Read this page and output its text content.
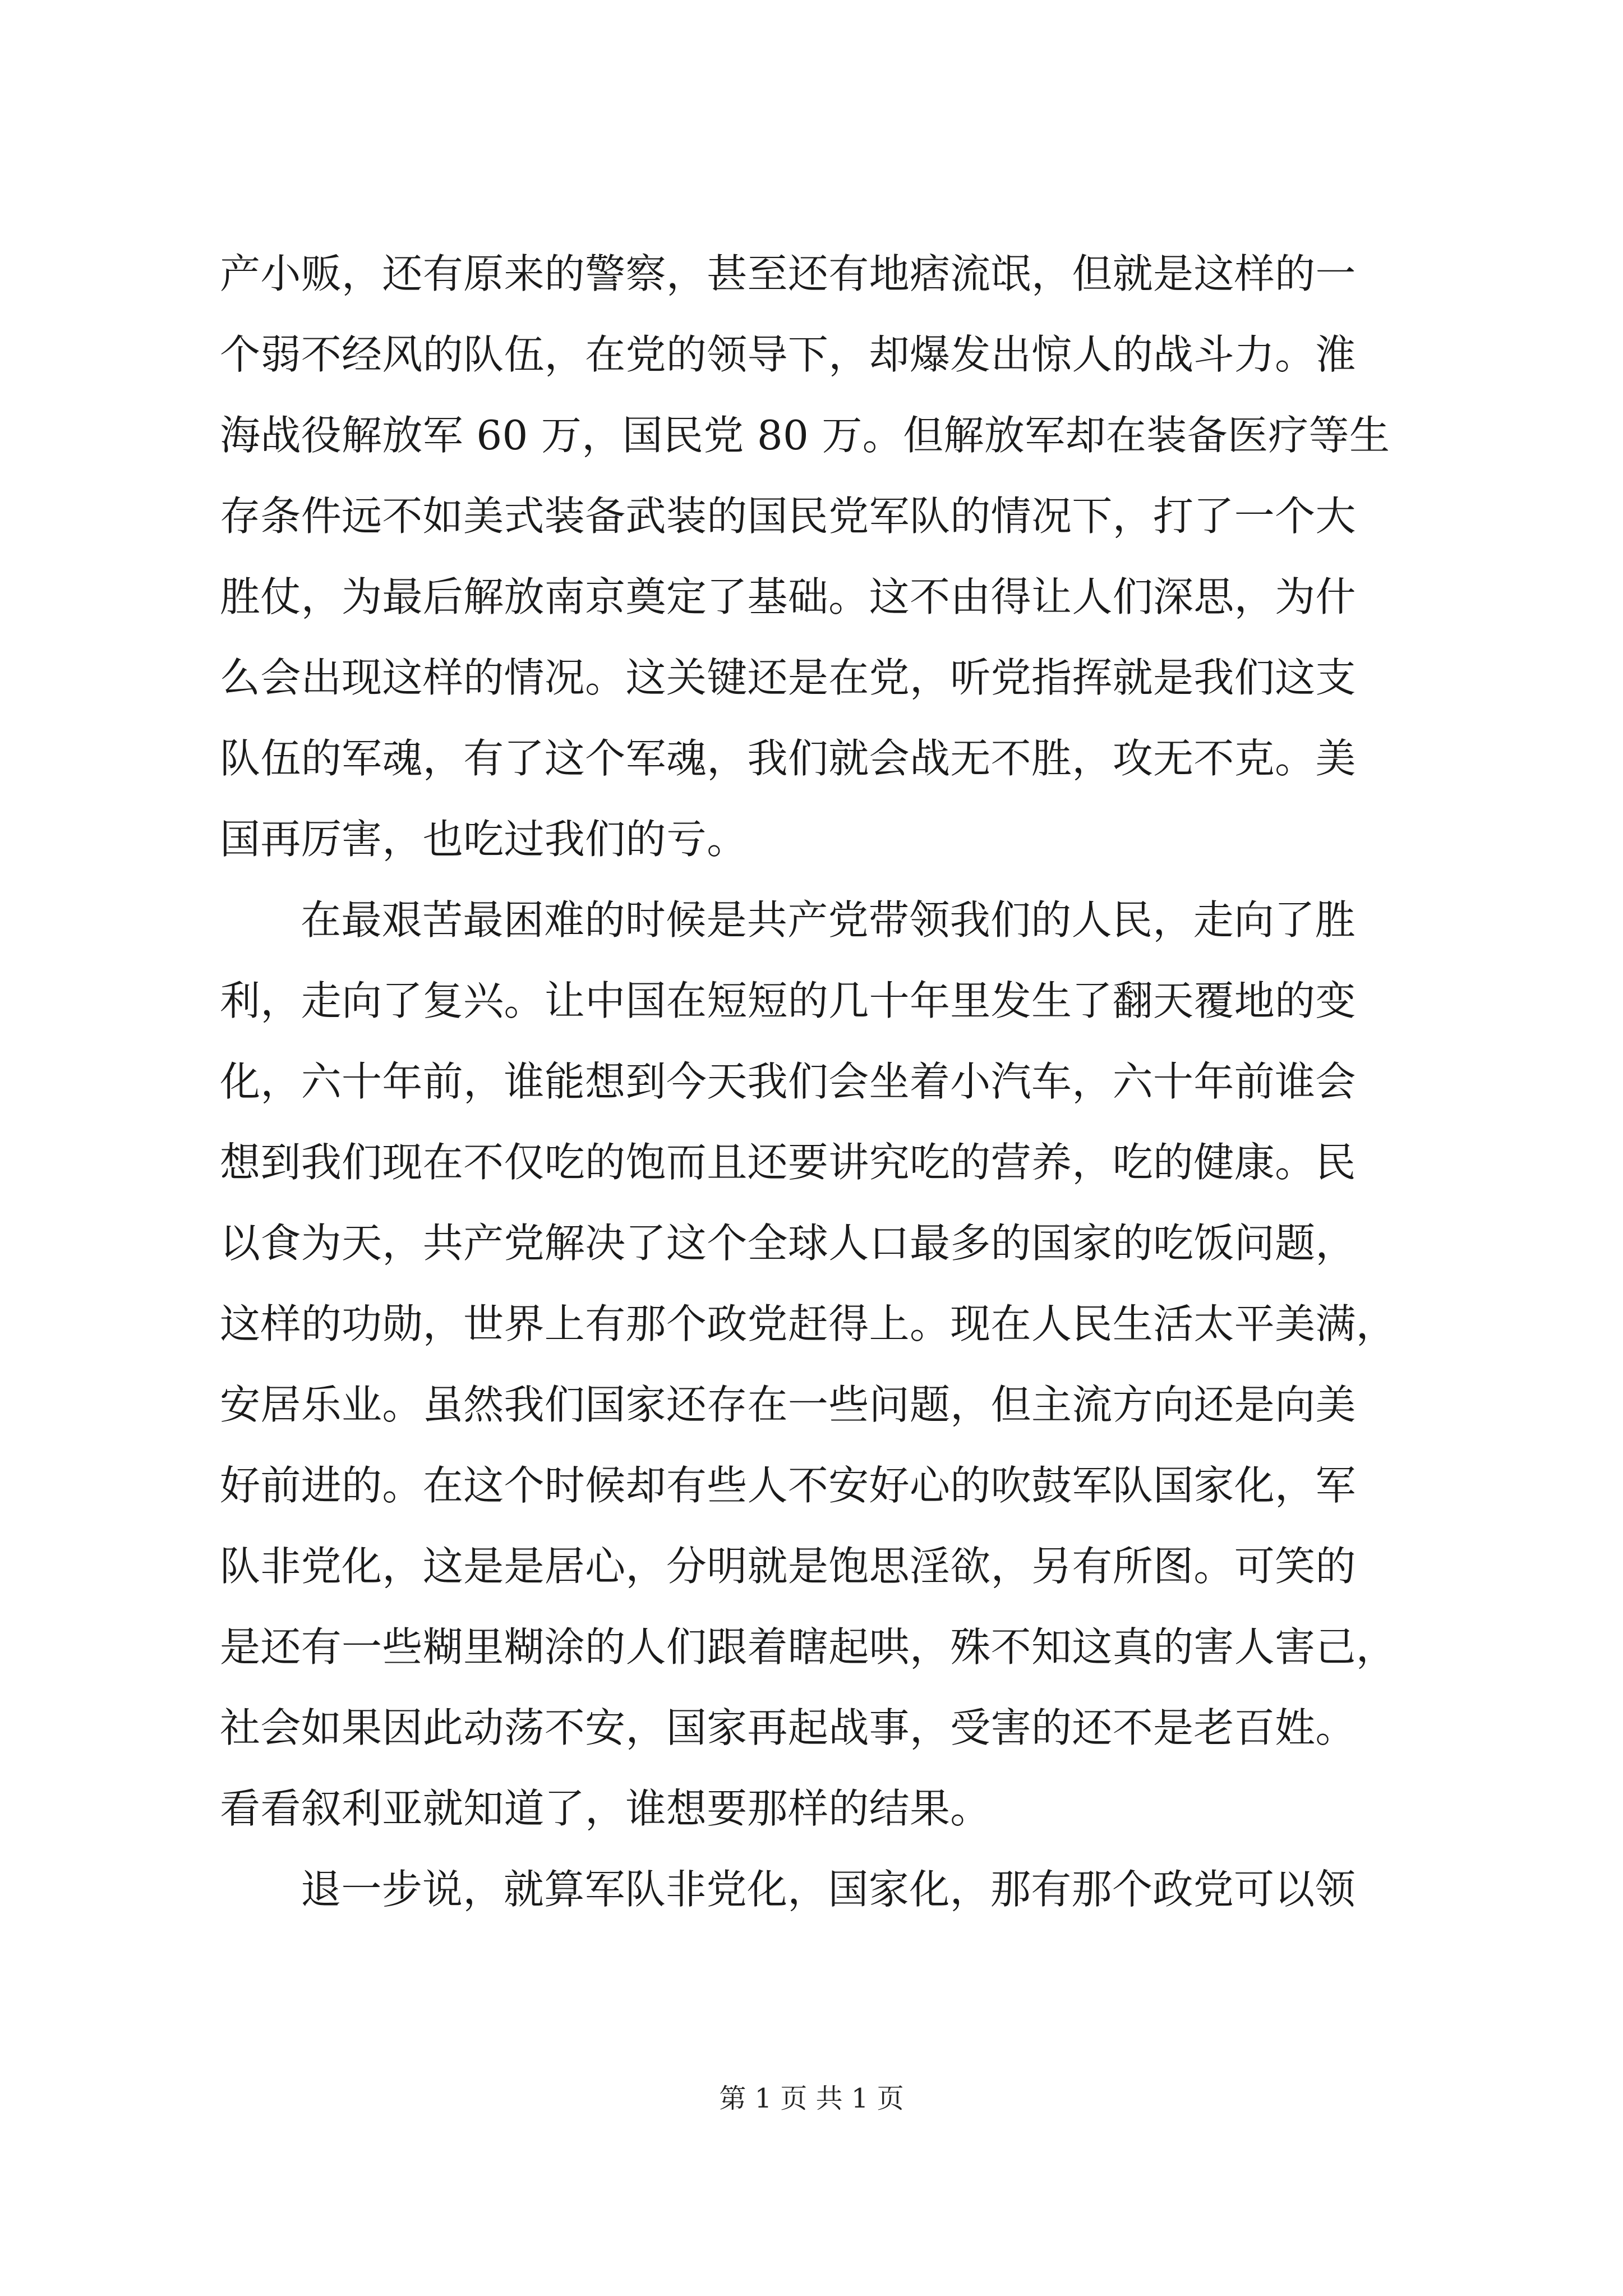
产小贩，还有原来的警察，甚至还有地痞流氓，但就是这样的一
个弱不经风的队伍，在党的领导下，却爆发出惊人的战斗力。淮
海战役解放军 60 万，国民党 80 万。但解放军却在装备医疗等生
存条件远不如美式装备武装的国民党军队的情况下，打了一个大
胜仗，为最后解放南京奠定了基础。这不由得让人们深思，为什
么会出现这样的情况。这关键还是在党，听党指挥就是我们这支
队伍的军魂，有了这个军魂，我们就会战无不胜，攻无不克。美
国再厉害，也吃过我们的亏。
在最艰苦最困难的时候是共产党带领我们的人民，走向了胜
利，走向了复兴。让中国在短短的几十年里发生了翻天覆地的变
化，六十年前，谁能想到今天我们会坐着小汽车，六十年前谁会
想到我们现在不仅吃的饱而且还要讲究吃的营养，吃的健康。民
以食为天，共产党解决了这个全球人口最多的国家的吃饭问题，
这样的功勋，世界上有那个政党赶得上。现在人民生活太平美满，
安居乐业。虽然我们国家还存在一些问题，但主流方向还是向美
好前进的。在这个时候却有些人不安好心的吹鼓军队国家化，军
队非党化，这是是居心，分明就是饱思淫欲，另有所图。可笑的
是还有一些糊里糊涂的人们跟着瞎起哄，殊不知这真的害人害己，
社会如果因此动荡不安，国家再起战事，受害的还不是老百姓。
看看叙利亚就知道了，谁想要那样的结果。
退一步说，就算军队非党化，国家化，那有那个政党可以领
第 1 页 共 1 页
